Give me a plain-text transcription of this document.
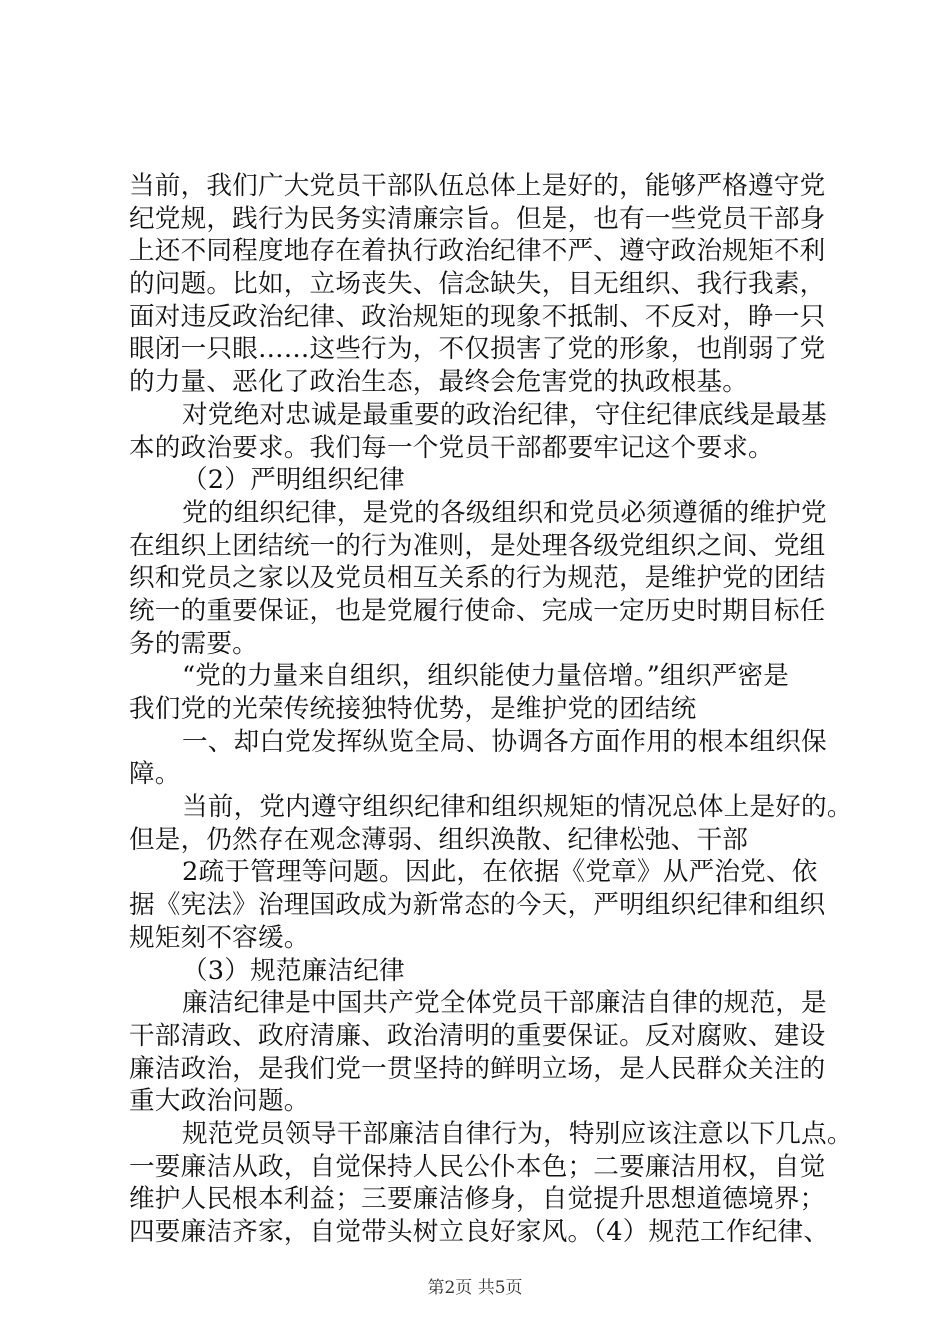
当前，我们广大党员干部队伍总体上是好的，能够严格遵守党
纪党规，践行为民务实清廉宗旨。但是，也有一些党员干部身
上还不同程度地存在着执行政治纪律不严、遵守政治规矩不利
的问题。比如，立场丧失、信念缺失，目无组织、我行我素，
面对违反政治纪律、政治规矩的现象不抵制、不反对，睁一只
眼闭一只眼……这些行为，不仅损害了党的形象，也削弱了党
的力量、恶化了政治生态，最终会危害党的执政根基。
对党绝对忠诚是最重要的政治纪律，守住纪律底线是最基
本的政治要求。我们每一个党员干部都要牢记这个要求。
（2）严明组织纪律
党的组织纪律，是党的各级组织和党员必须遵循的维护党
在组织上团结统一的行为准则，是处理各级党组织之间、党组
织和党员之家以及党员相互关系的行为规范，是维护党的团结
统一的重要保证，也是党履行使命、完成一定历史时期目标任
务的需要。
“党的力量来自组织，组织能使力量倍增。”组织严密是
我们党的光荣传统接独特优势，是维护党的团结统
一、却白党发挥纵览全局、协调各方面作用的根本组织保
障。
当前，党内遵守组织纪律和组织规矩的情况总体上是好的。
但是，仍然存在观念薄弱、组织涣散、纪律松弛、干部
2疏于管理等问题。因此，在依据《党章》从严治党、依
据《宪法》治理国政成为新常态的今天，严明组织纪律和组织
规矩刻不容缓。
（3）规范廉洁纪律
廉洁纪律是中国共产党全体党员干部廉洁自律的规范，是
干部清政、政府清廉、政治清明的重要保证。反对腐败、建设
廉洁政治，是我们党一贯坚持的鲜明立场，是人民群众关注的
重大政治问题。
规范党员领导干部廉洁自律行为，特别应该注意以下几点。
一要廉洁从政，自觉保持人民公仆本色；二要廉洁用权，自觉
维护人民根本利益；三要廉洁修身，自觉提升思想道德境界；
四要廉洁齐家，自觉带头树立良好家风。（4）规范工作纪律、
第2页 共5页
